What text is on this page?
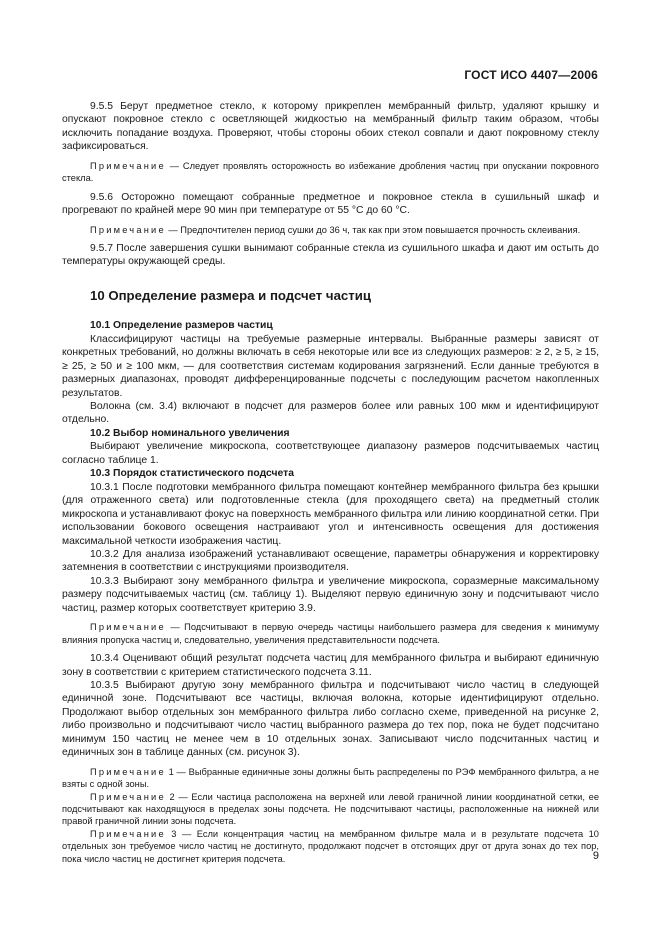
ГОСТ ИСО 4407—2006

9.5.5 Берут предметное стекло, к которому прикреплен мембранный фильтр, удаляют крышку и опускают покровное стекло с осветляющей жидкостью на мембранный фильтр таким образом, чтобы исключить попадание воздуха. Проверяют, чтобы стороны обоих стекол совпали и дают покровному стеклу зафиксироваться.

Примечание — Следует проявлять осторожность во избежание дробления частиц при опускании покровного стекла.

9.5.6 Осторожно помещают собранные предметное и покровное стекла в сушильный шкаф и прогревают по крайней мере 90 мин при температуре от 55 °C до 60 °C.

Примечание — Предпочтителен период сушки до 36 ч, так как при этом повышается прочность склеивания.

9.5.7 После завершения сушки вынимают собранные стекла из сушильного шкафа и дают им остыть до температуры окружающей среды.

10 Определение размера и подсчет частиц

10.1 Определение размеров частиц

Классифицируют частицы на требуемые размерные интервалы. Выбранные размеры зависят от конкретных требований, но должны включать в себя некоторые или все из следующих размеров: ≥ 2, ≥ 5, ≥ 15, ≥ 25, ≥ 50 и ≥ 100 мкм, — для соответствия системам кодирования загрязнений. Если данные требуются в размерных диапазонах, проводят дифференцированные подсчеты с последующим расчетом накопленных результатов.

Волокна (см. 3.4) включают в подсчет для размеров более или равных 100 мкм и идентифицируют отдельно.

10.2 Выбор номинального увеличения

Выбирают увеличение микроскопа, соответствующее диапазону размеров подсчитываемых частиц согласно таблице 1.

10.3 Порядок статистического подсчета

10.3.1 После подготовки мембранного фильтра помещают контейнер мембранного фильтра без крышки (для отраженного света) или подготовленные стекла (для проходящего света) на предметный столик микроскопа и устанавливают фокус на поверхность мембранного фильтра или линию координатной сетки. При использовании бокового освещения настраивают угол и интенсивность освещения для достижения максимальной четкости изображения частиц.

10.3.2 Для анализа изображений устанавливают освещение, параметры обнаружения и корректировку затемнения в соответствии с инструкциями производителя.

10.3.3 Выбирают зону мембранного фильтра и увеличение микроскопа, соразмерные максимальному размеру подсчитываемых частиц (см. таблицу 1). Выделяют первую единичную зону и подсчитывают число частиц, размер которых соответствует критерию 3.9.

Примечание — Подсчитывают в первую очередь частицы наибольшего размера для сведения к минимуму влияния пропуска частиц и, следовательно, увеличения представительности подсчета.

10.3.4 Оценивают общий результат подсчета частиц для мембранного фильтра и выбирают единичную зону в соответствии с критерием статистического подсчета 3.11.

10.3.5 Выбирают другую зону мембранного фильтра и подсчитывают число частиц в следующей единичной зоне. Подсчитывают все частицы, включая волокна, которые идентифицируют отдельно. Продолжают выбор отдельных зон мембранного фильтра либо согласно схеме, приведенной на рисунке 2, либо произвольно и подсчитывают число частиц выбранного размера до тех пор, пока не будет подсчитано минимум 150 частиц не менее чем в 10 отдельных зонах. Записывают число подсчитанных частиц и единичных зон в таблице данных (см. рисунок 3).

Примечание 1 — Выбранные единичные зоны должны быть распределены по РЭФ мембранного фильтра, а не взяты с одной зоны.

Примечание 2 — Если частица расположена на верхней или левой граничной линии координатной сетки, ее подсчитывают как находящуюся в пределах зоны подсчета. Не подсчитывают частицы, расположенные на нижней или правой граничной линии зоны подсчета.

Примечание 3 — Если концентрация частиц на мембранном фильтре мала и в результате подсчета 10 отдельных зон требуемое число частиц не достигнуто, продолжают подсчет в отстоящих друг от друга зонах до тех пор, пока число частиц не достигнет критерия подсчета.	9
